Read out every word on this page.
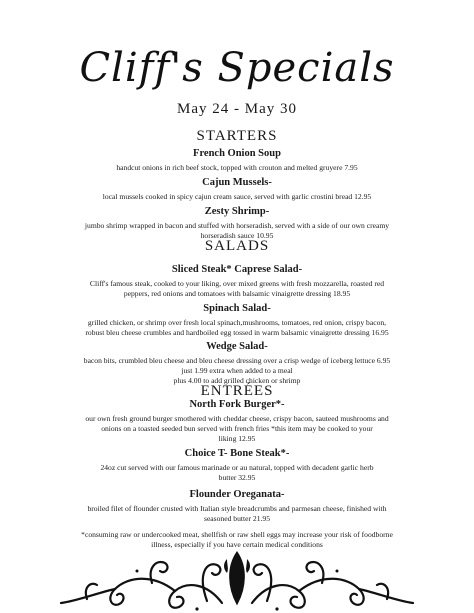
Cliff's Specials
May 24 - May 30
STARTERS
French Onion Soup
handcut onions in rich beef stock, topped with crouton and melted gruyere 7.95
Cajun Mussels-
local mussels cooked in spicy cajun cream sauce, served with garlic crostini bread 12.95
Zesty Shrimp-
jumbo shrimp wrapped in bacon and stuffed with horseradish, served with a side of our own creamy
horseradish sauce 10.95
SALADS
Sliced Steak* Caprese Salad-
Cliff's famous steak, cooked to your liking, over mixed greens with fresh mozzarella, roasted red
peppers, red onions and tomatoes with balsamic vinaigrette dressing 18.95
Spinach Salad-
grilled chicken, or shrimp over fresh local spinach,mushrooms, tomatoes, red onion, crispy bacon,
robust bleu cheese crumbles and hardboiled egg tossed in warm balsamic vinaigrette dressing 16.95
Wedge Salad-
bacon bits, crumbled bleu cheese and bleu cheese dressing over a crisp wedge of iceberg lettuce 6.95
just 1.99 extra when added to a meal
plus 4.00 to add grilled chicken or shrimp
ENTRÉES
North Fork Burger*-
our own fresh ground burger smothered with cheddar cheese, crispy bacon, sauteed mushrooms and
onions on a toasted seeded bun served with french fries *this item may be cooked to your
liking 12.95
Choice T- Bone Steak*-
24oz cut served with our famous marinade or au natural, topped with decadent garlic herb
butter 32.95
Flounder Oreganata-
broiled filet of flounder crusted with Italian style breadcrumbs and parmesan cheese, finished with
seasoned butter 21.95
*consuming raw or undercooked meat, shellfish or raw shell eggs may increase your risk of foodborne
illness, especially if you have certain medical conditions
